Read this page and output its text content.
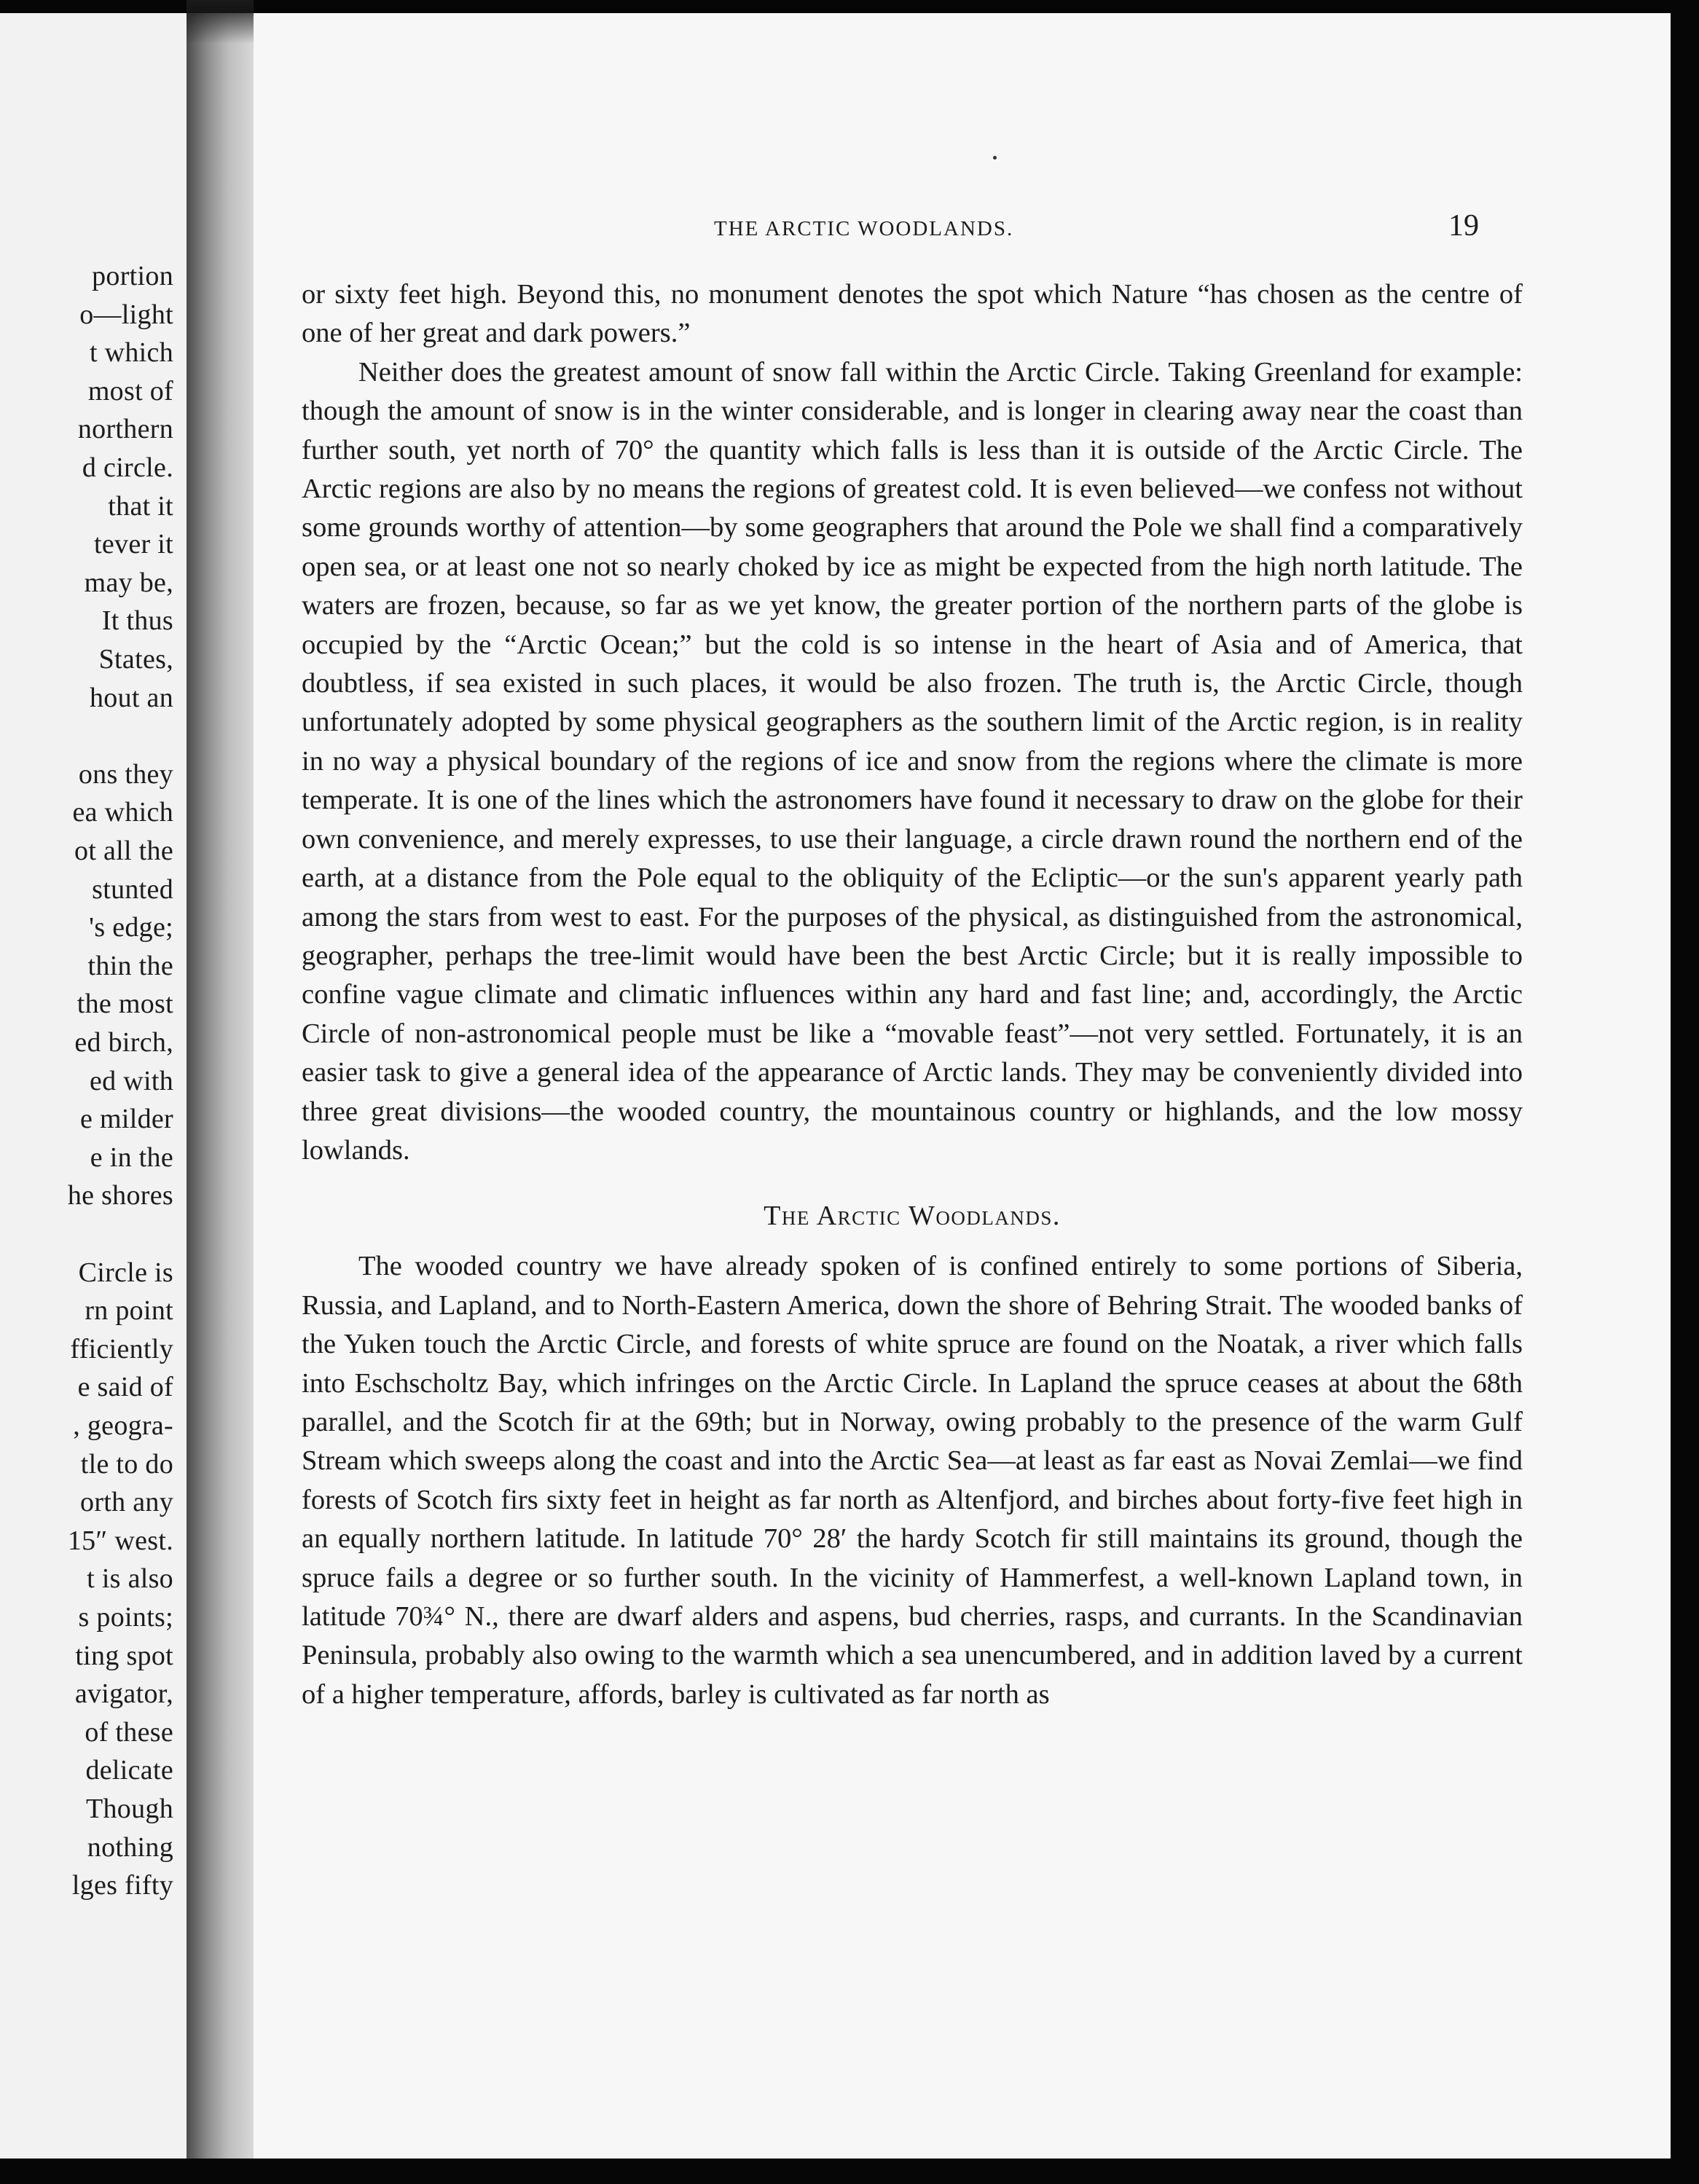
portion
o—light
t which
most of
northern
d circle.
that it
tever it
may be,
It thus
States,
hout an
ons they
ea which
ot all the
stunted
's edge;
thin the
the most
ed birch,
ed with
e milder
e in the
he shores
Circle is
rn point
fficiently
e said of
, geogra-
tle to do
orth any
15″ west.
t is also
s points;
ting spot
avigator,
of these
delicate
Though
nothing
lges fifty
THE ARCTIC WOODLANDS.	19

or sixty feet high. Beyond this, no monument denotes the spot which Nature “has chosen as the centre of one of her great and dark powers.”

Neither does the greatest amount of snow fall within the Arctic Circle. Taking Greenland for example: though the amount of snow is in the winter considerable, and is longer in clearing away near the coast than further south, yet north of 70° the quantity which falls is less than it is outside of the Arctic Circle. The Arctic regions are also by no means the regions of greatest cold. It is even believed—we confess not without some grounds worthy of attention—by some geographers that around the Pole we shall find a comparatively open sea, or at least one not so nearly choked by ice as might be expected from the high north latitude. The waters are frozen, because, so far as we yet know, the greater portion of the northern parts of the globe is occupied by the “Arctic Ocean;” but the cold is so intense in the heart of Asia and of America, that doubtless, if sea existed in such places, it would be also frozen. The truth is, the Arctic Circle, though unfortunately adopted by some physical geographers as the southern limit of the Arctic region, is in reality in no way a physical boundary of the regions of ice and snow from the regions where the climate is more temperate. It is one of the lines which the astronomers have found it necessary to draw on the globe for their own convenience, and merely expresses, to use their language, a circle drawn round the northern end of the earth, at a distance from the Pole equal to the obliquity of the Ecliptic—or the sun's apparent yearly path among the stars from west to east. For the purposes of the physical, as distinguished from the astronomical, geographer, perhaps the tree-limit would have been the best Arctic Circle; but it is really impossible to confine vague climate and climatic influences within any hard and fast line; and, accordingly, the Arctic Circle of non-astronomical people must be like a “movable feast”—not very settled. Fortunately, it is an easier task to give a general idea of the appearance of Arctic lands. They may be conveniently divided into three great divisions—the wooded country, the mountainous country or highlands, and the low mossy lowlands.

The Arctic Woodlands.

The wooded country we have already spoken of is confined entirely to some portions of Siberia, Russia, and Lapland, and to North-Eastern America, down the shore of Behring Strait. The wooded banks of the Yuken touch the Arctic Circle, and forests of white spruce are found on the Noatak, a river which falls into Eschscholtz Bay, which infringes on the Arctic Circle. In Lapland the spruce ceases at about the 68th parallel, and the Scotch fir at the 69th; but in Norway, owing probably to the presence of the warm Gulf Stream which sweeps along the coast and into the Arctic Sea—at least as far east as Novai Zemlai—we find forests of Scotch firs sixty feet in height as far north as Altenfjord, and birches about forty-five feet high in an equally northern latitude. In latitude 70° 28′ the hardy Scotch fir still maintains its ground, though the spruce fails a degree or so further south. In the vicinity of Hammerfest, a well-known Lapland town, in latitude 70¾° N., there are dwarf alders and aspens, bud cherries, rasps, and currants. In the Scandinavian Peninsula, probably also owing to the warmth which a sea unencumbered, and in addition laved by a current of a higher temperature, affords, barley is cultivated as far north as
